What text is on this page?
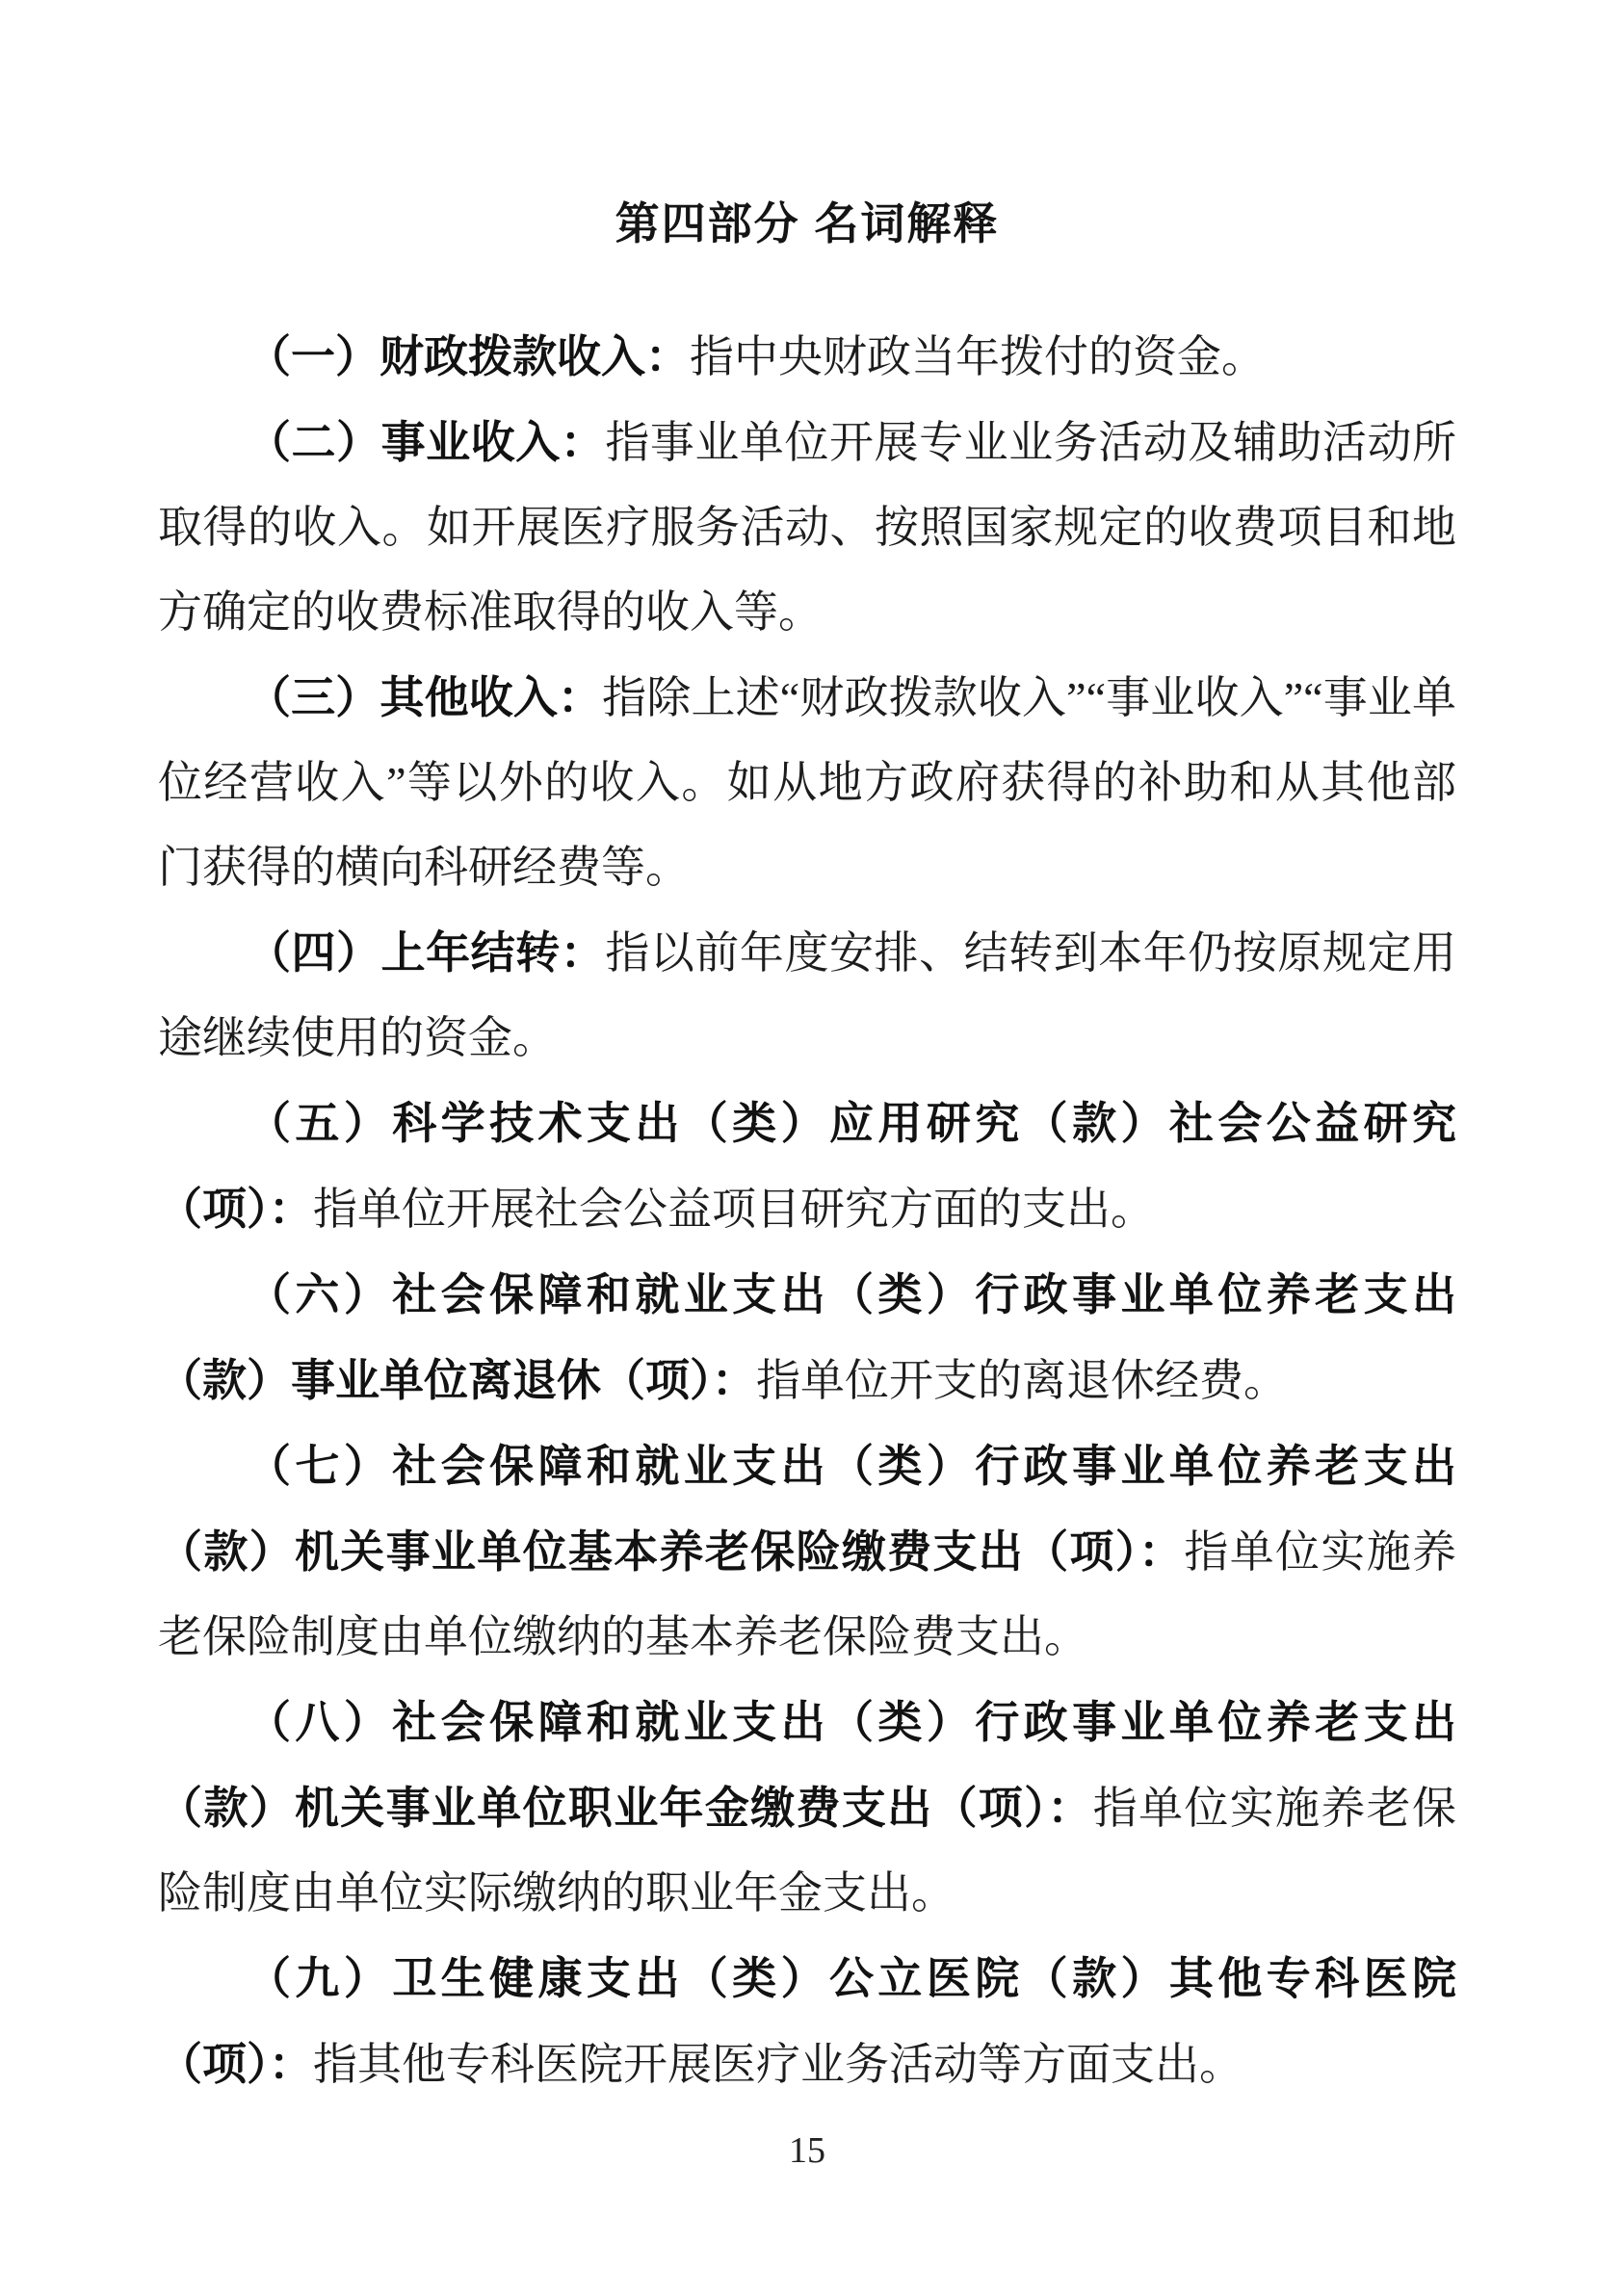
第四部分 名词解释

（一）财政拨款收入：指中央财政当年拨付的资金。

（二）事业收入：指事业单位开展专业业务活动及辅助活动所取得的收入。如开展医疗服务活动、按照国家规定的收费项目和地方确定的收费标准取得的收入等。

（三）其他收入：指除上述“财政拨款收入”“事业收入”“事业单位经营收入”等以外的收入。如从地方政府获得的补助和从其他部门获得的横向科研经费等。

（四）上年结转：指以前年度安排、结转到本年仍按原规定用途继续使用的资金。

（五）科学技术支出（类）应用研究（款）社会公益研究（项）：指单位开展社会公益项目研究方面的支出。

（六）社会保障和就业支出（类）行政事业单位养老支出（款）事业单位离退休（项）：指单位开支的离退休经费。

（七）社会保障和就业支出（类）行政事业单位养老支出（款）机关事业单位基本养老保险缴费支出（项）：指单位实施养老保险制度由单位缴纳的基本养老保险费支出。

（八）社会保障和就业支出（类）行政事业单位养老支出（款）机关事业单位职业年金缴费支出（项）：指单位实施养老保险制度由单位实际缴纳的职业年金支出。

（九）卫生健康支出（类）公立医院（款）其他专科医院（项）：指其他专科医院开展医疗业务活动等方面支出。

15
